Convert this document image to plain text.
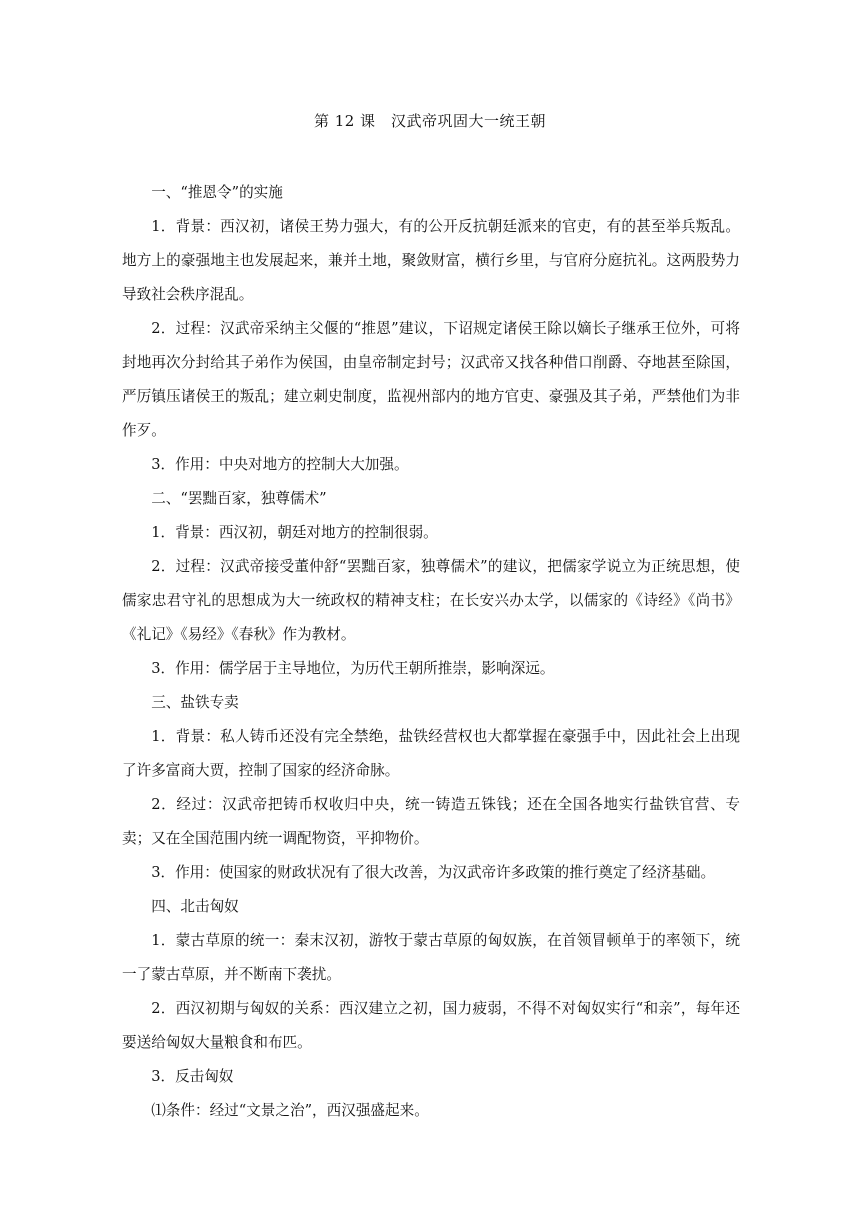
第 12 课　汉武帝巩固大一统王朝

一、“推恩令”的实施

1．背景：西汉初，诸侯王势力强大，有的公开反抗朝廷派来的官吏，有的甚至举兵叛乱。地方上的豪强地主也发展起来，兼并土地，聚敛财富，横行乡里，与官府分庭抗礼。这两股势力导致社会秩序混乱。

2．过程：汉武帝采纳主父偃的“推恩”建议，下诏规定诸侯王除以嫡长子继承王位外，可将封地再次分封给其子弟作为侯国，由皇帝制定封号；汉武帝又找各种借口削爵、夺地甚至除国，严厉镇压诸侯王的叛乱；建立刺史制度，监视州部内的地方官吏、豪强及其子弟，严禁他们为非作歹。

3．作用：中央对地方的控制大大加强。

二、“罢黜百家，独尊儒术”

1．背景：西汉初，朝廷对地方的控制很弱。

2．过程：汉武帝接受董仲舒“罢黜百家，独尊儒术”的建议，把儒家学说立为正统思想，使儒家忠君守礼的思想成为大一统政权的精神支柱；在长安兴办太学，以儒家的《诗经》《尚书》《礼记》《易经》《春秋》作为教材。

3．作用：儒学居于主导地位，为历代王朝所推崇，影响深远。

三、盐铁专卖

1．背景：私人铸币还没有完全禁绝，盐铁经营权也大都掌握在豪强手中，因此社会上出现了许多富商大贾，控制了国家的经济命脉。

2．经过：汉武帝把铸币权收归中央，统一铸造五铢钱；还在全国各地实行盐铁官营、专卖；又在全国范围内统一调配物资，平抑物价。

3．作用：使国家的财政状况有了很大改善，为汉武帝许多政策的推行奠定了经济基础。

四、北击匈奴

1．蒙古草原的统一：秦末汉初，游牧于蒙古草原的匈奴族，在首领冒顿单于的率领下，统一了蒙古草原，并不断南下袭扰。

2．西汉初期与匈奴的关系：西汉建立之初，国力疲弱，不得不对匈奴实行“和亲”，每年还要送给匈奴大量粮食和布匹。

3．反击匈奴

⑴条件：经过“文景之治”，西汉强盛起来。
